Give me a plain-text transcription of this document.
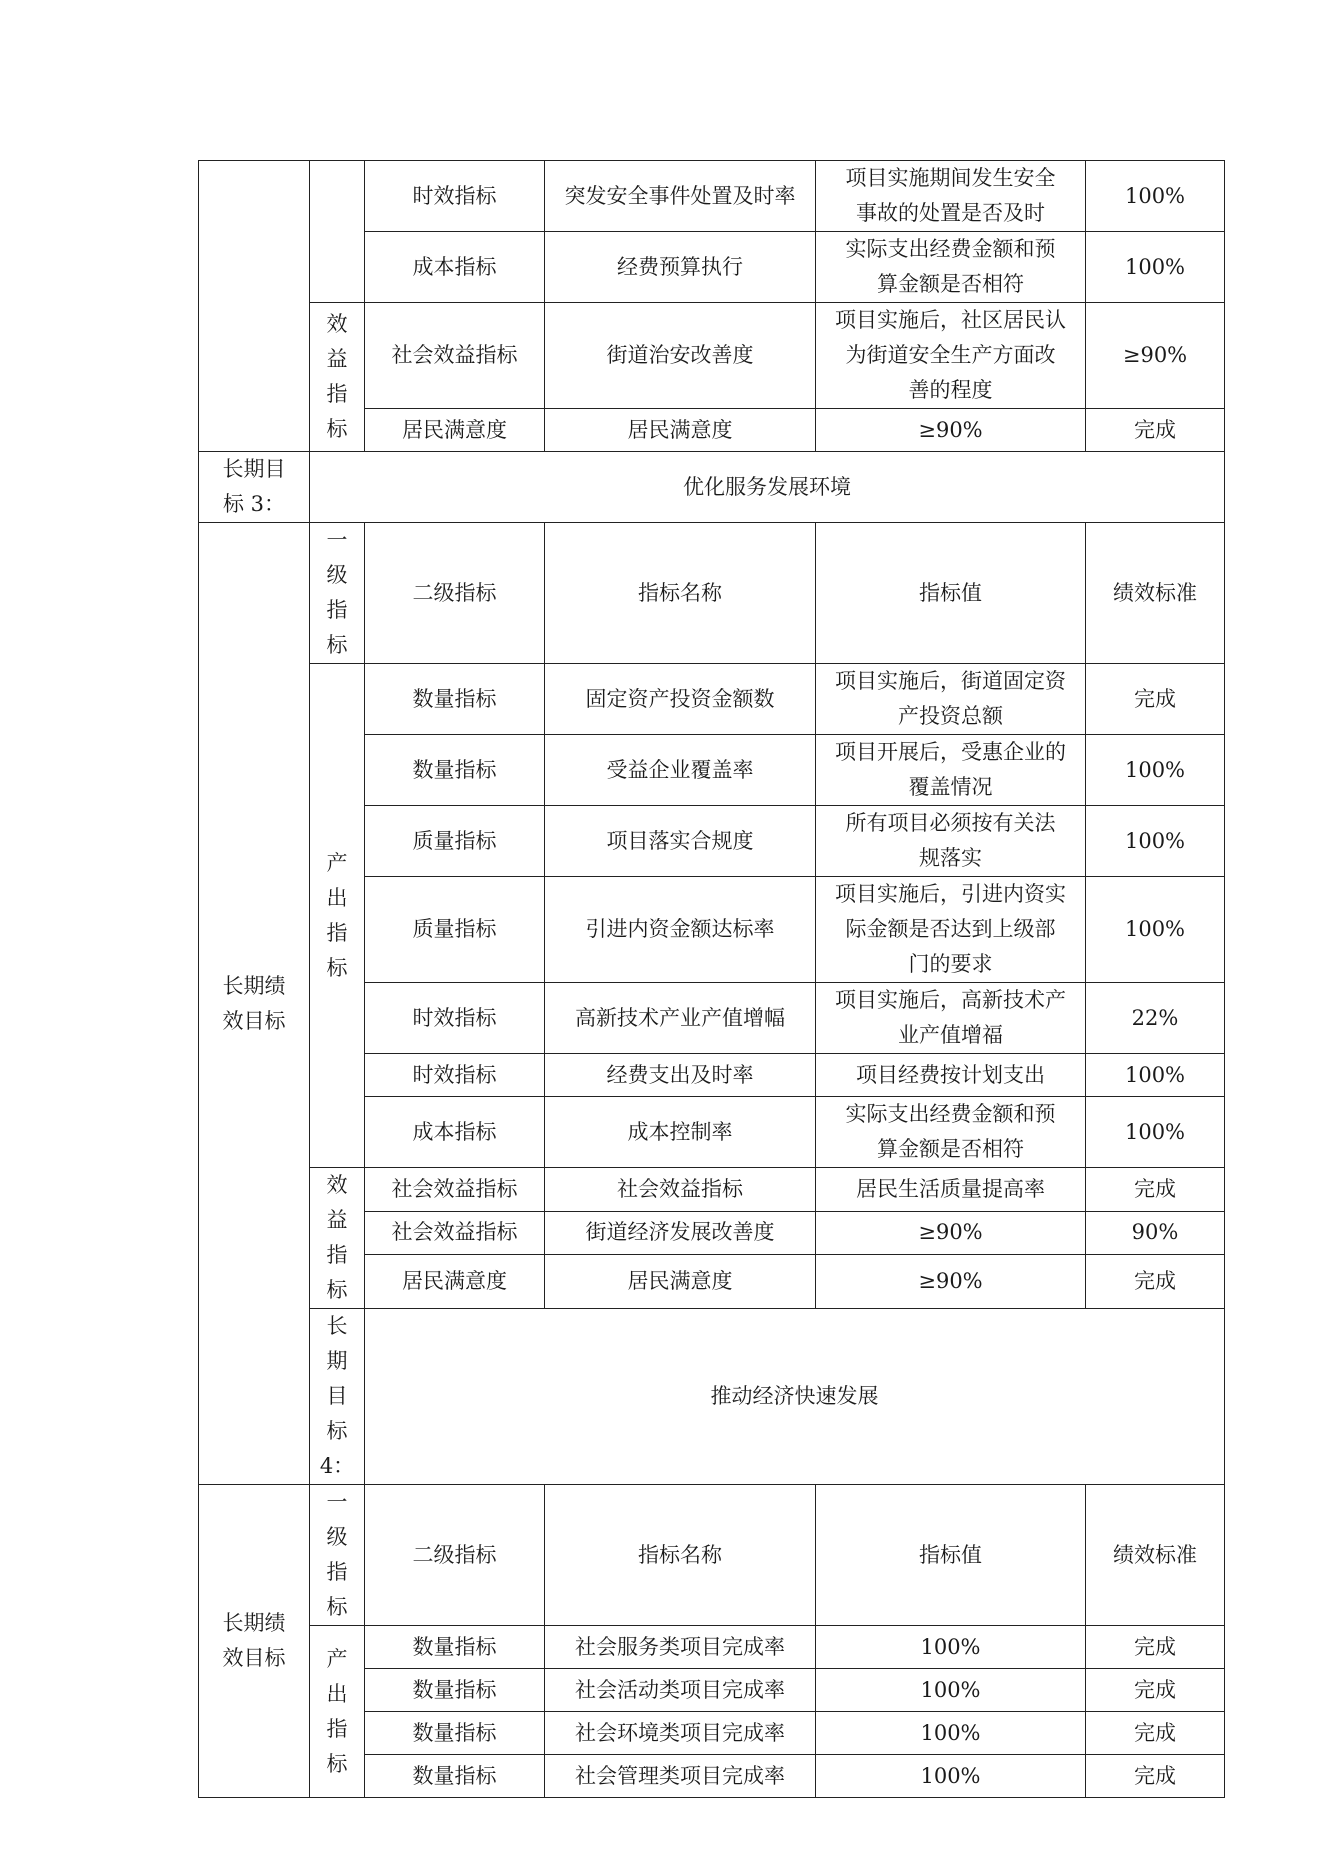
		时效指标	突发安全事件处置及时率	项目实施期间发生安全
事故的处置是否及时	100%
		成本指标	经费预算执行	实际支出经费金额和预
算金额是否相符	100%
	效
益
指
标	社会效益指标	街道治安改善度	项目实施后，社区居民认
为街道安全生产方面改
善的程度	≥90%
		居民满意度	居民满意度	≥90%	完成
长期目
标 3：	优化服务发展环境				
长期绩
效目标	一
级
指
标	二级指标	指标名称	指标值	绩效标准
	产
出
指
标	数量指标	固定资产投资金额数	项目实施后，街道固定资
产投资总额	完成
		数量指标	受益企业覆盖率	项目开展后，受惠企业的
覆盖情况	100%
		质量指标	项目落实合规度	所有项目必须按有关法
规落实	100%
		质量指标	引进内资金额达标率	项目实施后，引进内资实
际金额是否达到上级部
门的要求	100%
		时效指标	高新技术产业产值增幅	项目实施后，高新技术产
业产值增福	22%
		时效指标	经费支出及时率	项目经费按计划支出	100%
		成本指标	成本控制率	实际支出经费金额和预
算金额是否相符	100%
	效
益
指
标	社会效益指标	社会效益指标	居民生活质量提高率	完成
		社会效益指标	街道经济发展改善度	≥90%	90%
		居民满意度	居民满意度	≥90%	完成
	长期目
标 4：	推动经济快速发展			
长期绩
效目标	一
级
指
标	二级指标	指标名称	指标值	绩效标准
	产
出
指
标	数量指标	社会服务类项目完成率	100%	完成
		数量指标	社会活动类项目完成率	100%	完成
		数量指标	社会环境类项目完成率	100%	完成
		数量指标	社会管理类项目完成率	100%	完成
